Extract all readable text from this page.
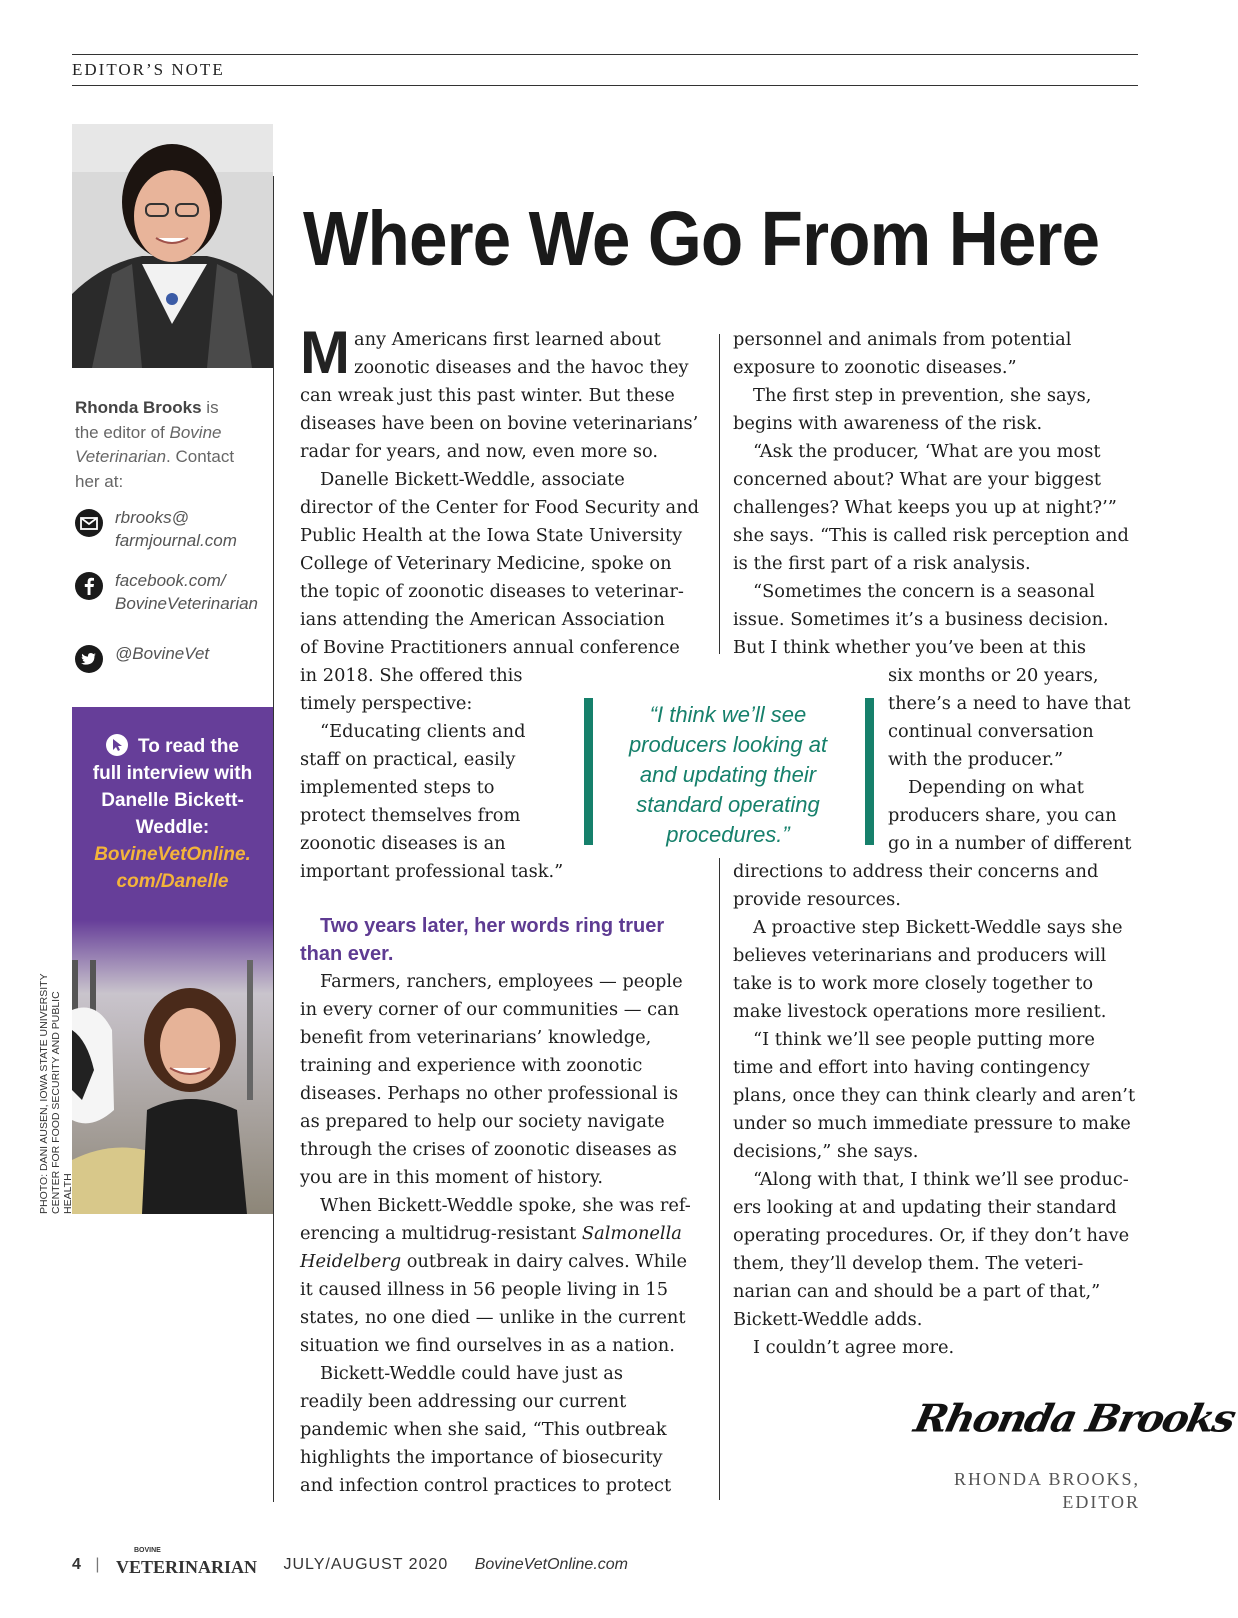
EDITOR’S NOTE
Rhonda Brooks is
the editor of Bovine
Veterinarian. Contact
her at:
rbrooks@
farmjournal.com
facebook.com/
BovineVeterinarian
@BovineVet
To read the
full interview with
Danelle Bickett-
Weddle:
BovineVetOnline.
com/Danelle
PHOTO: DANI AUSEN, IOWA STATE UNIVERSITY
CENTER FOR FOOD SECURITY AND PUBLIC HEALTH
Where We Go From Here
M any Americans first learned about
zoonotic diseases and the havoc they
can wreak just this past winter. But these
diseases have been on bovine veterinarians’
radar for years, and now, even more so.
Danelle Bickett-Weddle, associate
director of the Center for Food Security and
Public Health at the Iowa State University
College of Veterinary Medicine, spoke on
the topic of zoonotic diseases to veterinar-
ians attending the American Association
of Bovine Practitioners annual conference
in 2018. She offered this
timely perspective:
“Educating clients and
staff on practical, easily
implemented steps to
protect themselves from
zoonotic diseases is an
important professional task.”
Two years later, her words ring truer
than ever.
Farmers, ranchers, employees — people
in every corner of our communities — can
benefit from veterinarians’ knowledge,
training and experience with zoonotic
diseases. Perhaps no other professional is
as prepared to help our society navigate
through the crises of zoonotic diseases as
you are in this moment of history.
When Bickett-Weddle spoke, she was ref-
erencing a multidrug-resistant Salmonella
Heidelberg outbreak in dairy calves. While
it caused illness in 56 people living in 15
states, no one died — unlike in the current
situation we find ourselves in as a nation.
Bickett-Weddle could have just as
readily been addressing our current
pandemic when she said, “This outbreak
highlights the importance of biosecurity
and infection control practices to protect
personnel and animals from potential
exposure to zoonotic diseases.”
The first step in prevention, she says,
begins with awareness of the risk.
“Ask the producer, ‘What are you most
concerned about? What are your biggest
challenges? What keeps you up at night?’”
she says. “This is called risk perception and
is the first part of a risk analysis.
“Sometimes the concern is a seasonal
issue. Sometimes it’s a business decision.
But I think whether you’ve been at this
six months or 20 years,
there’s a need to have that
continual conversation
with the producer.”
Depending on what
producers share, you can
go in a number of different
directions to address their concerns and
provide resources.
A proactive step Bickett-Weddle says she
believes veterinarians and producers will
take is to work more closely together to
make livestock operations more resilient.
“I think we’ll see people putting more
time and effort into having contingency
plans, once they can think clearly and aren’t
under so much immediate pressure to make
decisions,” she says.
“Along with that, I think we’ll see produc-
ers looking at and updating their standard
operating procedures. Or, if they don’t have
them, they’ll develop them. The veteri-
narian can and should be a part of that,”
Bickett-Weddle adds.
I couldn’t agree more.
“I think we’ll see
producers looking at
and updating their
standard operating
procedures.”
Rhonda Brooks
RHONDA BROOKS,
EDITOR
4 |
BOVINE
VETERINARIAN JULY/AUGUST 2020 BovineVetOnline.com
